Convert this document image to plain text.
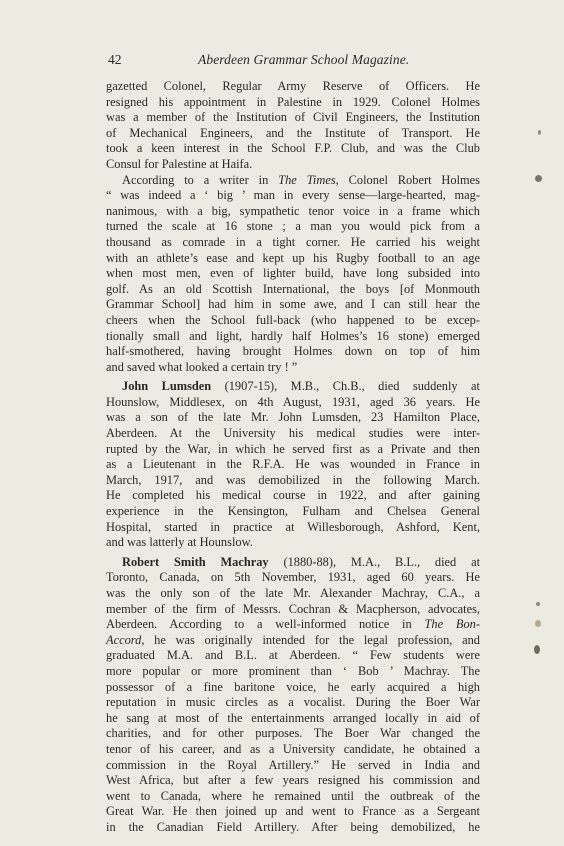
42	Aberdeen Grammar School Magazine.
gazetted Colonel, Regular Army Reserve of Officers. He
resigned his appointment in Palestine in 1929. Colonel Holmes
was a member of the Institution of Civil Engineers, the Institution
of Mechanical Engineers, and the Institute of Transport. He
took a keen interest in the School F.P. Club, and was the Club
Consul for Palestine at Haifa.
According to a writer in The Times, Colonel Robert Holmes
“ was indeed a ‘ big ’ man in every sense—large-hearted, mag-
nanimous, with a big, sympathetic tenor voice in a frame which
turned the scale at 16 stone ; a man you would pick from a
thousand as comrade in a tight corner. He carried his weight
with an athlete’s ease and kept up his Rugby football to an age
when most men, even of lighter build, have long subsided into
golf. As an old Scottish International, the boys [of Monmouth
Grammar School] had him in some awe, and I can still hear the
cheers when the School full-back (who happened to be excep-
tionally small and light, hardly half Holmes’s 16 stone) emerged
half-smothered, having brought Holmes down on top of him
and saved what looked a certain try ! ”
John Lumsden (1907-15), M.B., Ch.B., died suddenly at
Hounslow, Middlesex, on 4th August, 1931, aged 36 years. He
was a son of the late Mr. John Lumsden, 23 Hamilton Place,
Aberdeen. At the University his medical studies were inter-
rupted by the War, in which he served first as a Private and then
as a Lieutenant in the R.F.A. He was wounded in France in
March, 1917, and was demobilized in the following March.
He completed his medical course in 1922, and after gaining
experience in the Kensington, Fulham and Chelsea General
Hospital, started in practice at Willesborough, Ashford, Kent,
and was latterly at Hounslow.
Robert Smith Machray (1880-88), M.A., B.L., died at
Toronto, Canada, on 5th November, 1931, aged 60 years. He
was the only son of the late Mr. Alexander Machray, C.A., a
member of the firm of Messrs. Cochran & Macpherson, advocates,
Aberdeen. According to a well-informed notice in The Bon-
Accord, he was originally intended for the legal profession, and
graduated M.A. and B.L. at Aberdeen. “ Few students were
more popular or more prominent than ‘ Bob ’ Machray. The
possessor of a fine baritone voice, he early acquired a high
reputation in music circles as a vocalist. During the Boer War
he sang at most of the entertainments arranged locally in aid of
charities, and for other purposes. The Boer War changed the
tenor of his career, and as a University candidate, he obtained a
commission in the Royal Artillery.” He served in India and
West Africa, but after a few years resigned his commission and
went to Canada, where he remained until the outbreak of the
Great War. He then joined up and went to France as a Sergeant
in the Canadian Field Artillery. After being demobilized, he
